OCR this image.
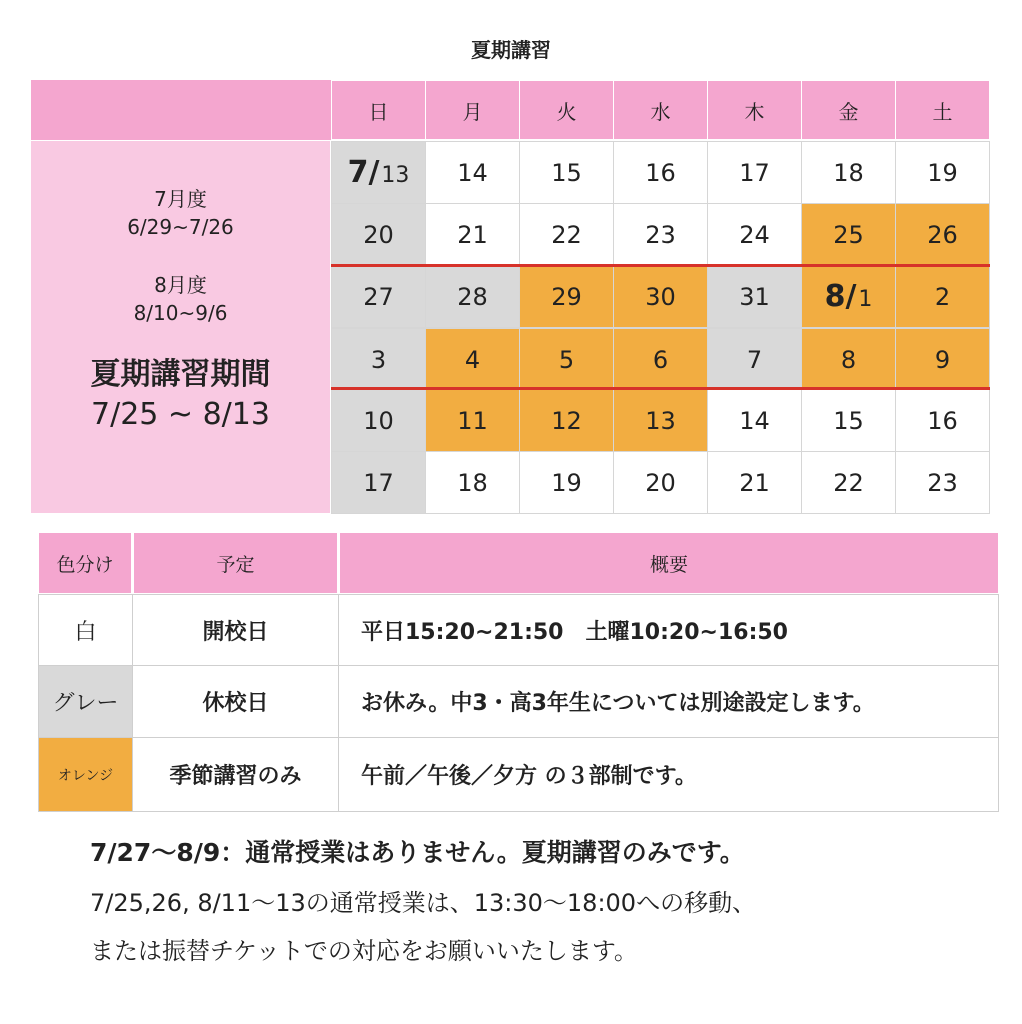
夏期講習
7月度
6/29~7/26
8月度
8/10~9/6
夏期講習期間
7/25 ~ 8/13
日	月	火	水	木	金	土
7/ 13	14	15	16	17	18	19
20	21	22	23	24	25	26
27	28	29	30	31	8/ 1	2
3	4	5	6	7	8	9
10	11	12	13	14	15	16
17	18	19	20	21	22	23
色分け	予定	概要
白	開校日	平日15:20~21:50　土曜10:20~16:50
グレー	休校日	お休み。中3・高3年生については別途設定します。
オレンジ	季節講習のみ	午前／午後／夕方 の３部制です。
7/27〜8/9：通常授業はありません。夏期講習のみです。
7/25,26, 8/11〜13の通常授業は、13:30〜18:00への移動、
または振替チケットでの対応をお願いいたします。
